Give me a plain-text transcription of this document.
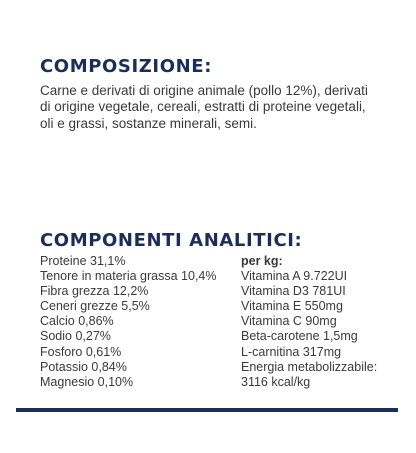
COMPOSIZIONE:

Carne e derivati di origine animale (pollo 12%), derivati di origine vegetale, cereali, estratti di proteine vegetali, oli e grassi, sostanze minerali, semi.

COMPONENTI ANALITICI:
Proteine 31,1%
Tenore in materia grassa 10,4%
Fibra grezza 12,2%
Ceneri grezze 5,5%
Calcio 0,86%
Sodio 0,27%
Fosforo 0,61%
Potassio 0,84%
Magnesio 0,10%
per kg:
Vitamina A 9.722UI
Vitamina D3 781UI
Vitamina E 550mg
Vitamina C 90mg
Beta-carotene 1,5mg
L-carnitina 317mg
Energia metabolizzabile:
3116 kcal/kg
